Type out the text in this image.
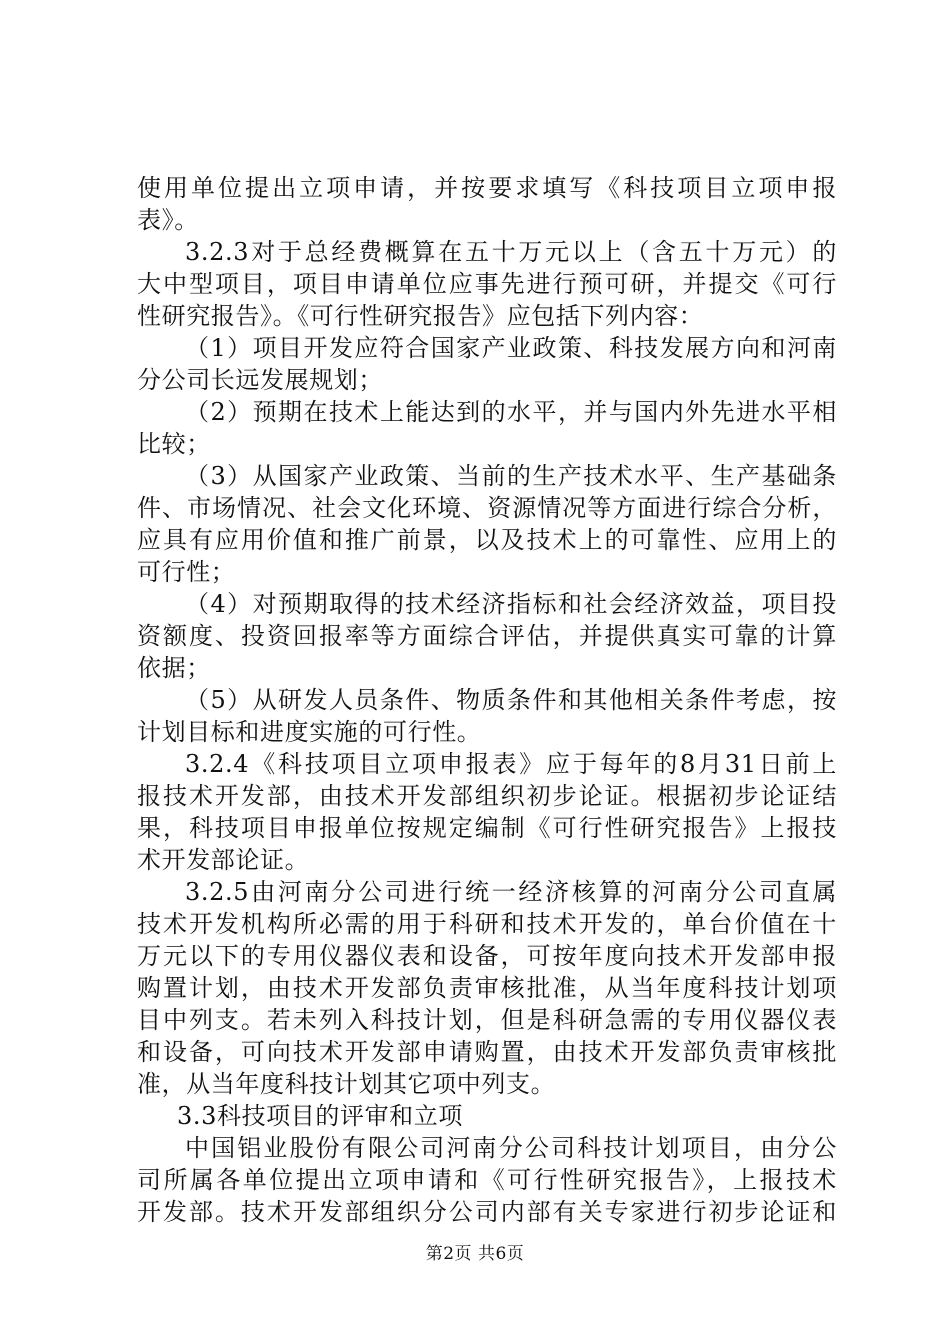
使用单位提出立项申请，并按要求填写《科技项目立项申报
表》。
3.2.3对于总经费概算在五十万元以上（含五十万元）的
大中型项目，项目申请单位应事先进行预可研，并提交《可行
性研究报告》。《可行性研究报告》应包括下列内容：
（1）项目开发应符合国家产业政策、科技发展方向和河南
分公司长远发展规划；
（2）预期在技术上能达到的水平，并与国内外先进水平相
比较；
（3）从国家产业政策、当前的生产技术水平、生产基础条
件、市场情况、社会文化环境、资源情况等方面进行综合分析，
应具有应用价值和推广前景，以及技术上的可靠性、应用上的
可行性；
（4）对预期取得的技术经济指标和社会经济效益，项目投
资额度、投资回报率等方面综合评估，并提供真实可靠的计算
依据；
（5）从研发人员条件、物质条件和其他相关条件考虑，按
计划目标和进度实施的可行性。
3.2.4《科技项目立项申报表》应于每年的8月31日前上
报技术开发部，由技术开发部组织初步论证。根据初步论证结
果，科技项目申报单位按规定编制《可行性研究报告》上报技
术开发部论证。
3.2.5由河南分公司进行统一经济核算的河南分公司直属
技术开发机构所必需的用于科研和技术开发的，单台价值在十
万元以下的专用仪器仪表和设备，可按年度向技术开发部申报
购置计划，由技术开发部负责审核批准，从当年度科技计划项
目中列支。若未列入科技计划，但是科研急需的专用仪器仪表
和设备，可向技术开发部申请购置，由技术开发部负责审核批
准，从当年度科技计划其它项中列支。
3.3科技项目的评审和立项
中国铝业股份有限公司河南分公司科技计划项目，由分公
司所属各单位提出立项申请和《可行性研究报告》，上报技术
开发部。技术开发部组织分公司内部有关专家进行初步论证和
第2页 共6页
